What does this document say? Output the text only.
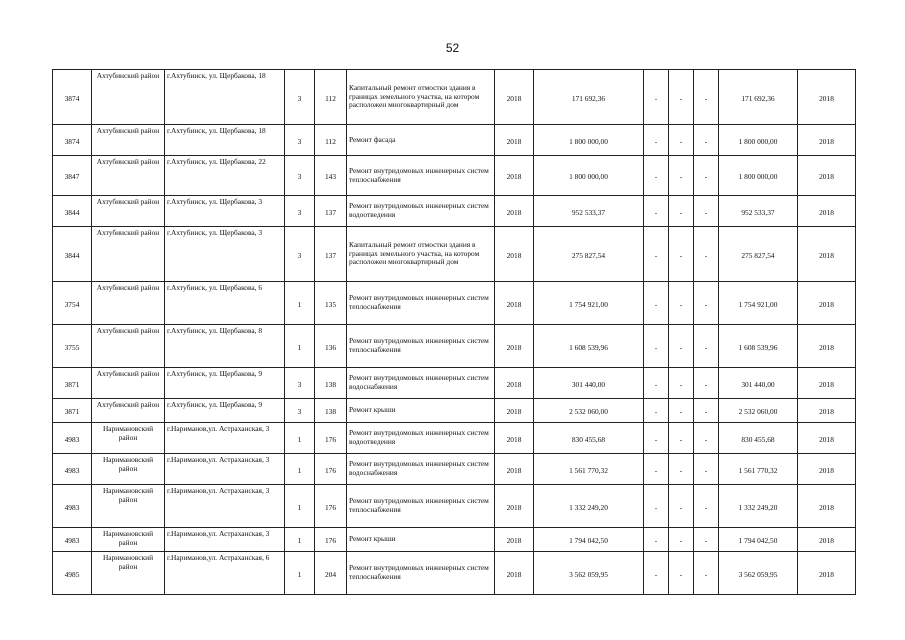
52
3874	Ахтубинский район	г.Ахтубинск, ул. Щербакова, 18	3	112	Капитальный ремонт отмостки здания в границах земельного участка, на котором расположен многоквартирный дом	2018	171 692,36	-	-	-	171 692,36	2018
3874	Ахтубинский район	г.Ахтубинск, ул. Щербакова, 18	3	112	Ремонт фасада	2018	1 800 000,00	-	-	-	1 800 000,00	2018
3847	Ахтубинский район	г.Ахтубинск, ул. Щербакова, 22	3	143	Ремонт внутридомовых инженерных систем теплоснабжения	2018	1 800 000,00	-	-	-	1 800 000,00	2018
3844	Ахтубинский район	г.Ахтубинск, ул. Щербакова, 3	3	137	Ремонт внутридомовых инженерных систем водоотведения	2018	952 533,37	-	-	-	952 533,37	2018
3844	Ахтубинский район	г.Ахтубинск, ул. Щербакова, 3	3	137	Капитальный ремонт отмостки здания в границах земельного участка, на котором расположен многоквартирный дом	2018	275 827,54	-	-	-	275 827,54	2018
3754	Ахтубинский район	г.Ахтубинск, ул. Щербакова, 6	1	135	Ремонт внутридомовых инженерных систем теплоснабжения	2018	1 754 921,00	-	-	-	1 754 921,00	2018
3755	Ахтубинский район	г.Ахтубинск, ул. Щербакова, 8	1	136	Ремонт внутридомовых инженерных систем теплоснабжения	2018	1 608 539,96	-	-	-	1 608 539,96	2018
3871	Ахтубинский район	г.Ахтубинск, ул. Щербакова, 9	3	138	Ремонт внутридомовых инженерных систем водоснабжения	2018	301 440,00	-	-	-	301 440,00	2018
3871	Ахтубинский район	г.Ахтубинск, ул. Щербакова, 9	3	138	Ремонт крыши	2018	2 532 060,00	-	-	-	2 532 060,00	2018
4983	Наримановский район	г.Нариманов,ул. Астраханская, 3	1	176	Ремонт внутридомовых инженерных систем водоотведения	2018	830 455,68	-	-	-	830 455,68	2018
4983	Наримановский район	г.Нариманов,ул. Астраханская, 3	1	176	Ремонт внутридомовых инженерных систем водоснабжения	2018	1 561 770,32	-	-	-	1 561 770,32	2018
4983	Наримановский район	г.Нариманов,ул. Астраханская, 3	1	176	Ремонт внутридомовых инженерных систем теплоснабжения	2018	1 332 249,20	-	-	-	1 332 249,20	2018
4983	Наримановский район	г.Нариманов,ул. Астраханская, 3	1	176	Ремонт крыши	2018	1 794 042,50	-	-	-	1 794 042,50	2018
4985	Наримановский район	г.Нариманов,ул. Астраханская, 6	1	204	Ремонт внутридомовых инженерных систем теплоснабжения	2018	3 562 059,95	-	-	-	3 562 059,95	2018
